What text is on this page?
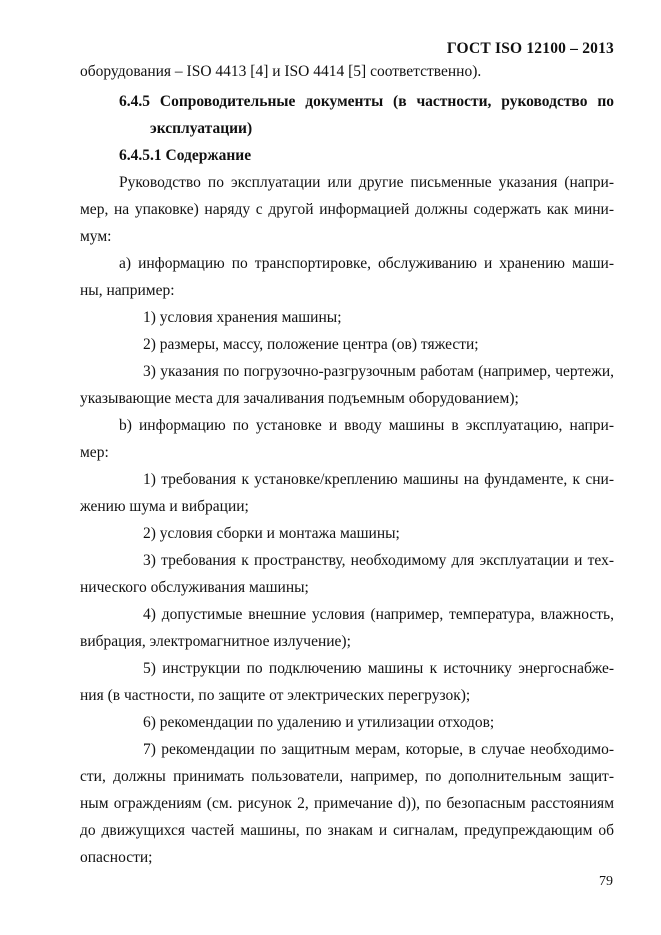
ГОСТ ISO 12100 – 2013
оборудования – ISO 4413 [4] и ISO 4414 [5] соответственно).
6.4.5 Сопроводительные документы (в частности, руководство по
эксплуатации)
6.4.5.1 Содержание
Руководство по эксплуатации или другие письменные указания (напри-
мер, на упаковке) наряду с другой информацией должны содержать как мини-
мум:
a) информацию по транспортировке, обслуживанию и хранению маши-
ны, например:
1) условия хранения машины;
2) размеры, массу, положение центра (ов) тяжести;
3) указания по погрузочно-разгрузочным работам (например, чертежи,
указывающие места для зачаливания подъемным оборудованием);
b) информацию по установке и вводу машины в эксплуатацию, напри-
мер:
1) требования к установке/креплению машины на фундаменте, к сни-
жению шума и вибрации;
2) условия сборки и монтажа машины;
3) требования к пространству, необходимому для эксплуатации и тех-
нического обслуживания машины;
4) допустимые внешние условия (например, температура, влажность,
вибрация, электромагнитное излучение);
5) инструкции по подключению машины к источнику энергоснабже-
ния (в частности, по защите от электрических перегрузок);
6) рекомендации по удалению и утилизации отходов;
7) рекомендации по защитным мерам, которые, в случае необходимо-
сти, должны принимать пользователи, например, по дополнительным защит-
ным ограждениям (см. рисунок 2, примечание d)), по безопасным расстояниям
до движущихся частей машины, по знакам и сигналам, предупреждающим об
опасности;
79
